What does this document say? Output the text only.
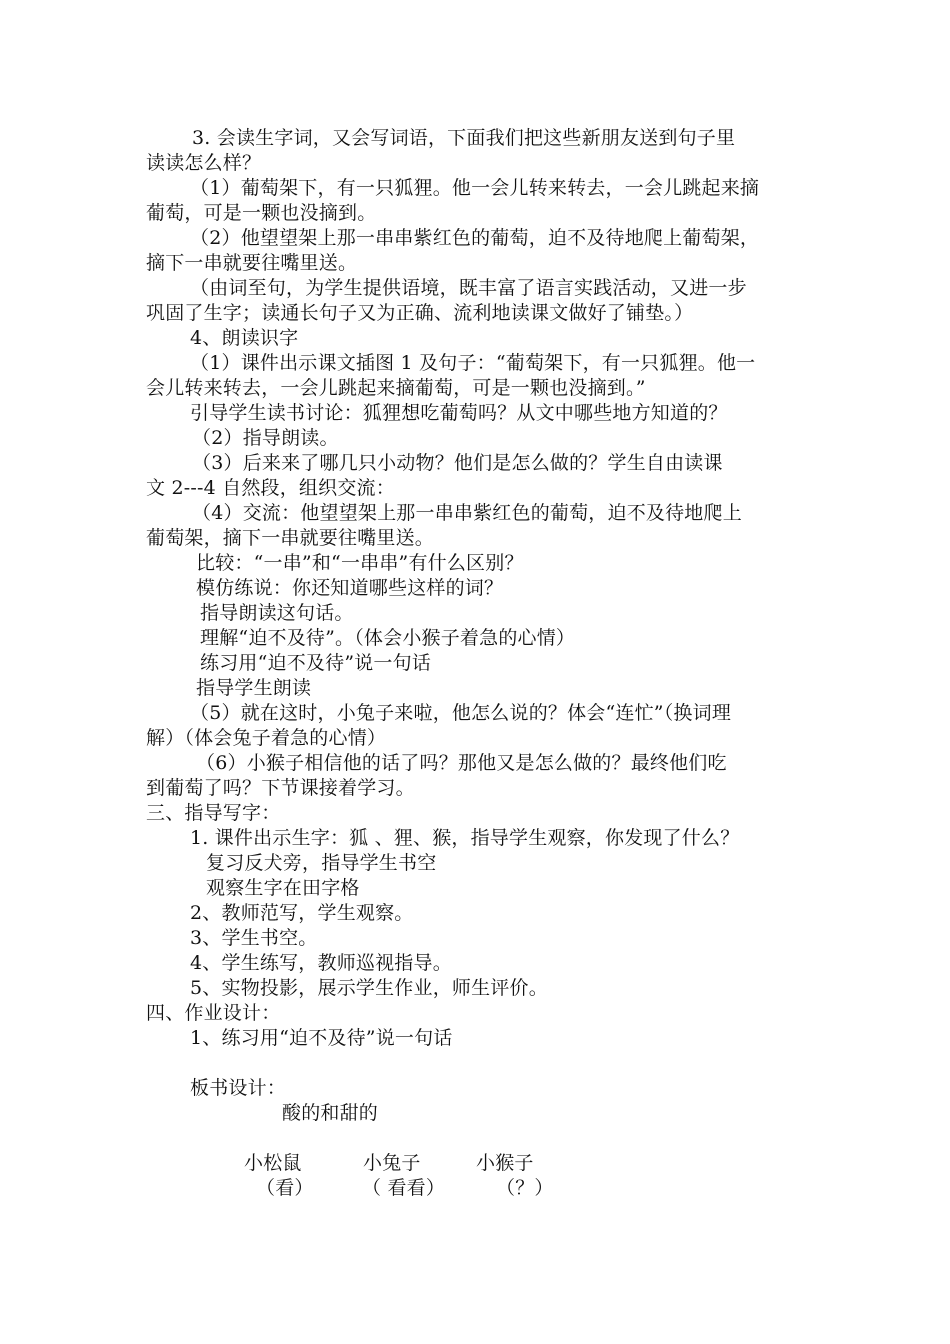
3. 会读生字词，又会写词语，下面我们把这些新朋友送到句子里
读读怎么样？
（1）葡萄架下，有一只狐狸。他一会儿转来转去，一会儿跳起来摘
葡萄，可是一颗也没摘到。
（2）他望望架上那一串串紫红色的葡萄，迫不及待地爬上葡萄架，
摘下一串就要往嘴里送。
（由词至句，为学生提供语境，既丰富了语言实践活动，又进一步
巩固了生字；读通长句子又为正确、流利地读课文做好了铺垫。）
4、朗读识字
（1）课件出示课文插图 1 及句子：“葡萄架下，有一只狐狸。他一
会儿转来转去，一会儿跳起来摘葡萄，可是一颗也没摘到。”
引导学生读书讨论：狐狸想吃葡萄吗？从文中哪些地方知道的？
（2）指导朗读。
（3）后来来了哪几只小动物？他们是怎么做的？学生自由读课
文 2---4 自然段，组织交流：
（4）交流：他望望架上那一串串紫红色的葡萄，迫不及待地爬上
葡萄架，摘下一串就要往嘴里送。
比较：“一串”和“一串串”有什么区别？
模仿练说：你还知道哪些这样的词？
指导朗读这句话。
理解“迫不及待”。（体会小猴子着急的心情）
练习用“迫不及待”说一句话
指导学生朗读
（5）就在这时，小兔子来啦，他怎么说的？体会“连忙”（换词理
解）（体会兔子着急的心情）
（6）小猴子相信他的话了吗？那他又是怎么做的？最终他们吃
到葡萄了吗？下节课接着学习。
三、指导写字：
1. 课件出示生字：狐 、狸、猴，指导学生观察，你发现了什么？
复习反犬旁，指导学生书空
观察生字在田字格
2、教师范写，学生观察。
3、学生书空。
4、学生练写，教师巡视指导。
5、实物投影，展示学生作业，师生评价。
四、作业设计：
1、练习用“迫不及待”说一句话
板书设计：
酸的和甜的
小松鼠	小兔子	小猴子
（看）	（ 看看）	（？）
